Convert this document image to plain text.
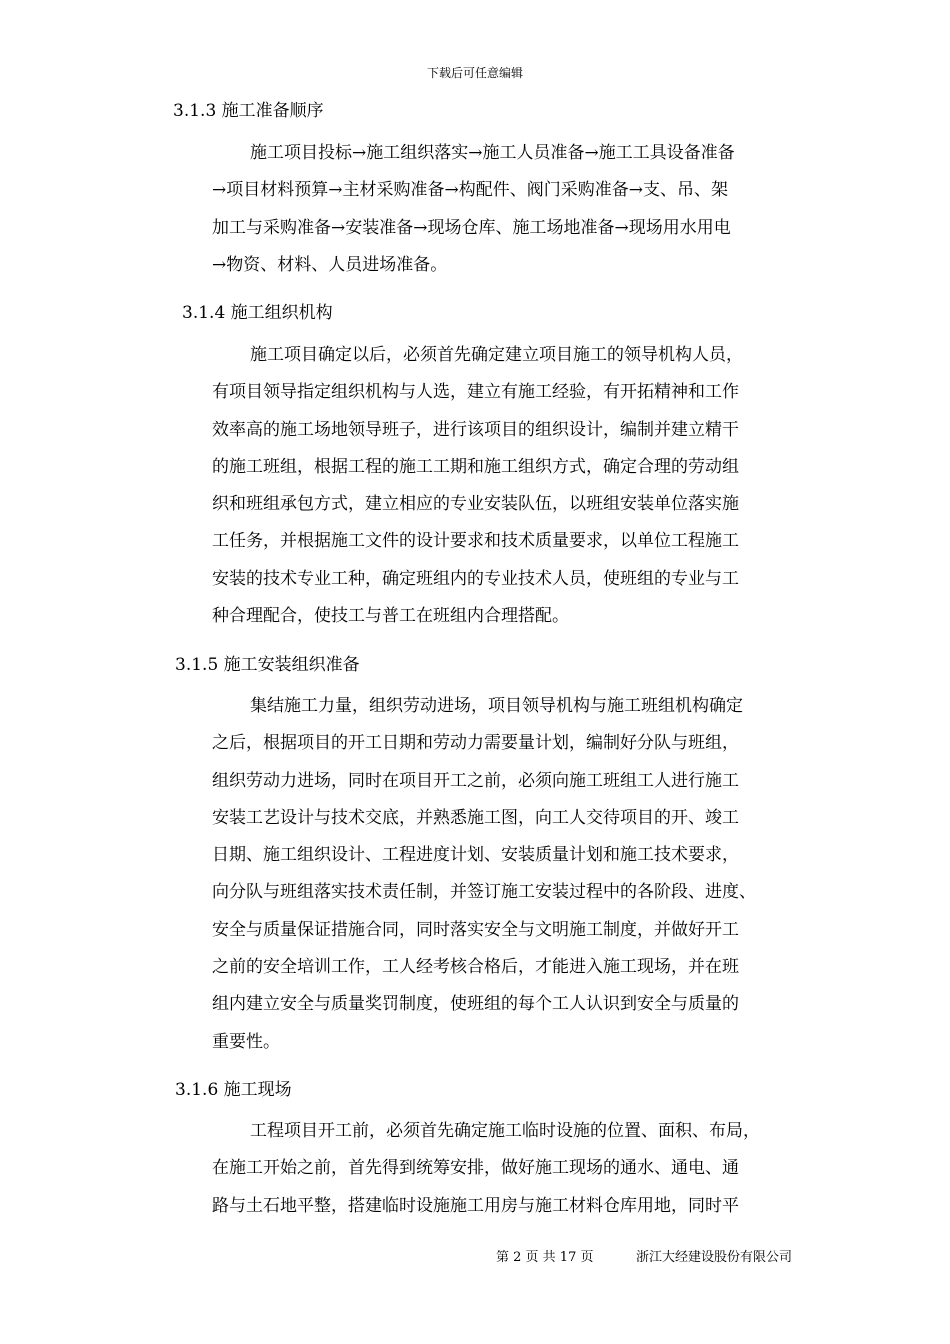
下载后可任意编辑
3.1.3 施工准备顺序
施工项目投标→施工组织落实→施工人员准备→施工工具设备准备
→项目材料预算→主材采购准备→构配件、阀门采购准备→支、吊、架
加工与采购准备→安装准备→现场仓库、施工场地准备→现场用水用电
→物资、材料、人员进场准备。
3.1.4 施工组织机构
施工项目确定以后，必须首先确定建立项目施工的领导机构人员，
有项目领导指定组织机构与人选，建立有施工经验，有开拓精神和工作
效率高的施工场地领导班子，进行该项目的组织设计，编制并建立精干
的施工班组，根据工程的施工工期和施工组织方式，确定合理的劳动组
织和班组承包方式，建立相应的专业安装队伍，以班组安装单位落实施
工任务，并根据施工文件的设计要求和技术质量要求，以单位工程施工
安装的技术专业工种，确定班组内的专业技术人员，使班组的专业与工
种合理配合，使技工与普工在班组内合理搭配。
3.1.5 施工安装组织准备
集结施工力量，组织劳动进场，项目领导机构与施工班组机构确定
之后，根据项目的开工日期和劳动力需要量计划，编制好分队与班组，
组织劳动力进场，同时在项目开工之前，必须向施工班组工人进行施工
安装工艺设计与技术交底，并熟悉施工图，向工人交待项目的开、竣工
日期、施工组织设计、工程进度计划、安装质量计划和施工技术要求，
向分队与班组落实技术责任制，并签订施工安装过程中的各阶段、进度、
安全与质量保证措施合同，同时落实安全与文明施工制度，并做好开工
之前的安全培训工作，工人经考核合格后，才能进入施工现场，并在班
组内建立安全与质量奖罚制度，使班组的每个工人认识到安全与质量的
重要性。
3.1.6 施工现场
工程项目开工前，必须首先确定施工临时设施的位置、面积、布局，
在施工开始之前，首先得到统筹安排，做好施工现场的通水、通电、通
路与土石地平整，搭建临时设施施工用房与施工材料仓库用地，同时平
第 2 页 共 17 页	浙江大经建设股份有限公司
